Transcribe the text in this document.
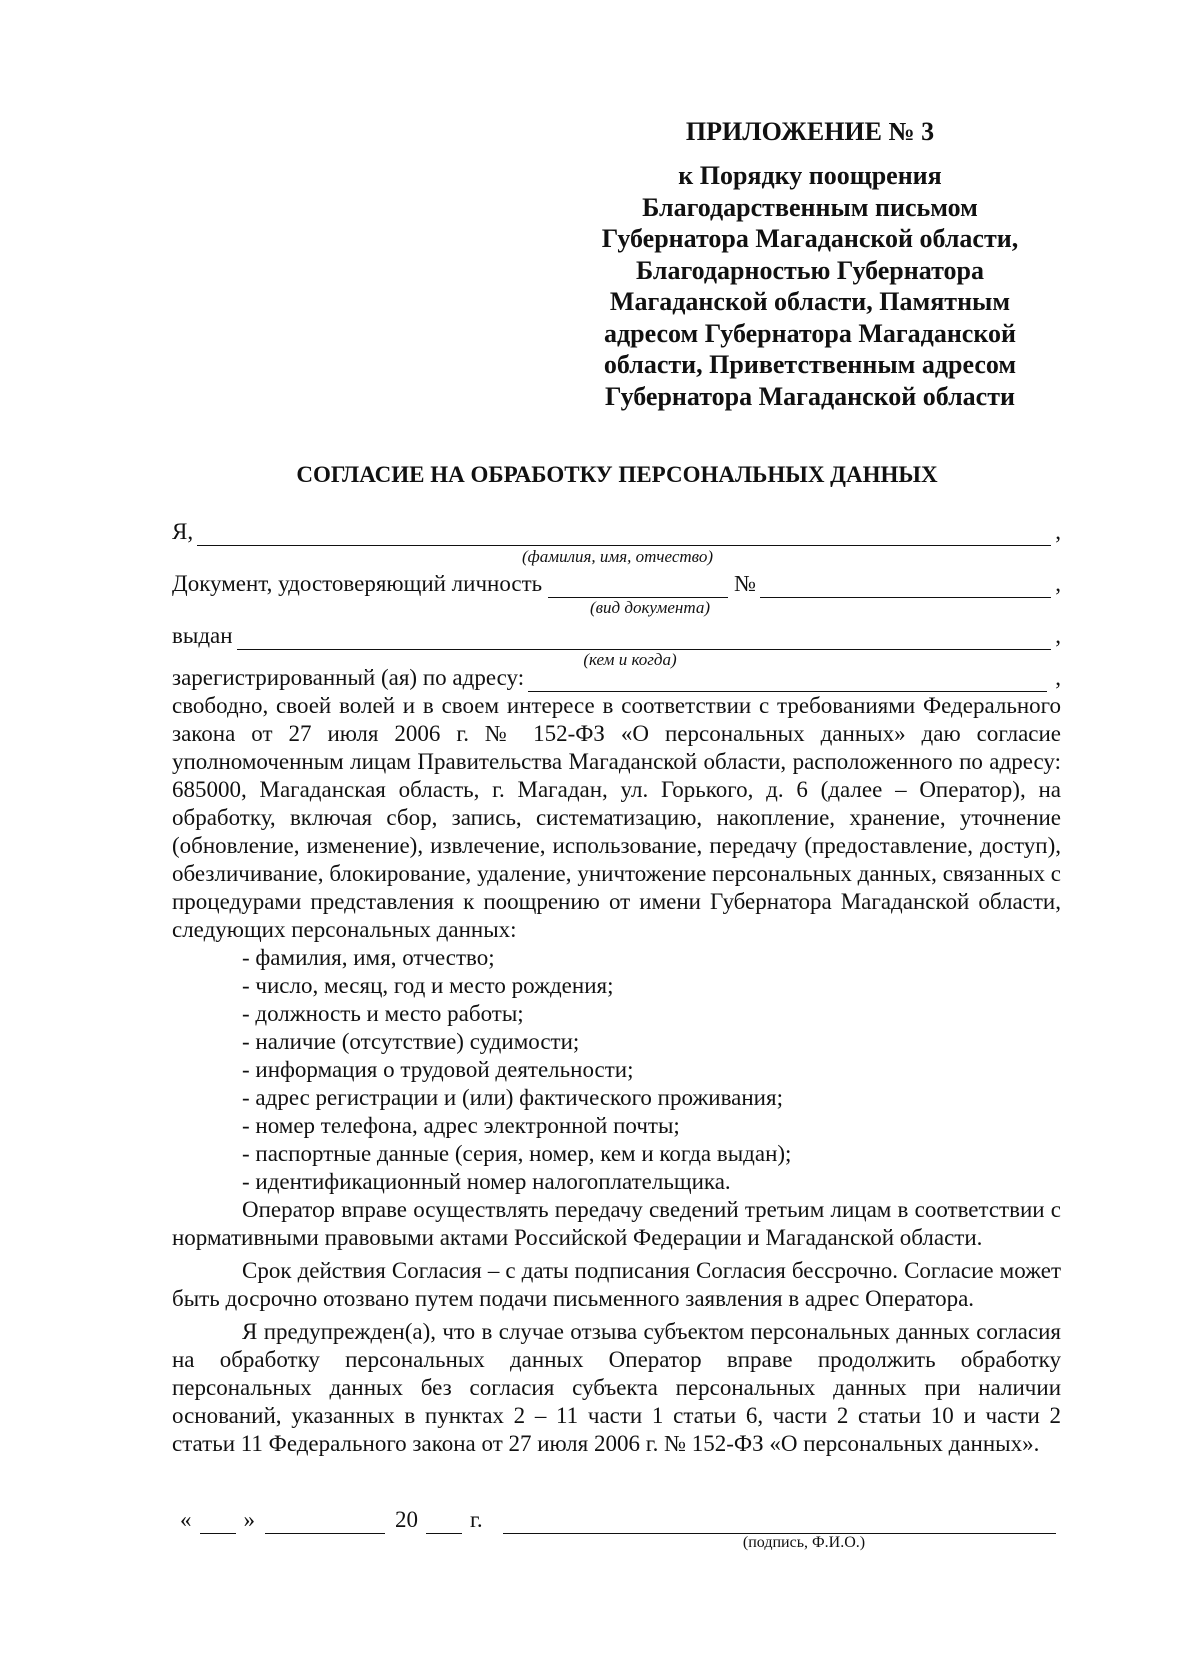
ПРИЛОЖЕНИЕ № 3
к Порядку поощрения
Благодарственным письмом
Губернатора Магаданской области,
Благодарностью Губернатора
Магаданской области, Памятным
адресом Губернатора Магаданской
области, Приветственным адресом
Губернатора Магаданской области
СОГЛАСИЕ НА ОБРАБОТКУ ПЕРСОНАЛЬНЫХ ДАННЫХ
Я,	,
(фамилия, имя, отчество)
Документ, удостоверяющий личность	№	,
(вид документа)
выдан	,
(кем и когда)
зарегистрированный (ая) по адресу:	,

свободно, своей волей и в своем интересе в соответствии с требованиями Федерального закона от 27 июля 2006 г. № 152-ФЗ «О персональных данных» даю согласие уполномоченным лицам Правительства Магаданской области, расположенного по адресу: 685000, Магаданская область, г. Магадан, ул. Горького, д. 6 (далее – Оператор), на обработку, включая сбор, запись, систематизацию, накопление, хранение, уточнение (обновление, изменение), извлечение, использование, передачу (предоставление, доступ), обезличивание, блокирование, удаление, уничтожение персональных данных, связанных с процедурами представления к поощрению от имени Губернатора Магаданской области, следующих персональных данных:

- фамилия, имя, отчество;
- число, месяц, год и место рождения;
- должность и место работы;
- наличие (отсутствие) судимости;
- информация о трудовой деятельности;
- адрес регистрации и (или) фактического проживания;
- номер телефона, адрес электронной почты;
- паспортные данные (серия, номер, кем и когда выдан);
- идентификационный номер налогоплательщика.

Оператор вправе осуществлять передачу сведений третьим лицам в соответствии с нормативными правовыми актами Российской Федерации и Магаданской области.

Срок действия Согласия – с даты подписания Согласия бессрочно. Согласие может быть досрочно отозвано путем подачи письменного заявления в адрес Оператора.

Я предупрежден(а), что в случае отзыва субъектом персональных данных согласия на обработку персональных данных Оператор вправе продолжить обработку персональных данных без согласия субъекта персональных данных при наличии оснований, указанных в пунктах 2 – 11 части 1 статьи 6, части 2 статьи 10 и части 2 статьи 11 Федерального закона от 27 июля 2006 г. № 152-ФЗ «О персональных данных».

« »	20 г.
(подпись, Ф.И.О.)
